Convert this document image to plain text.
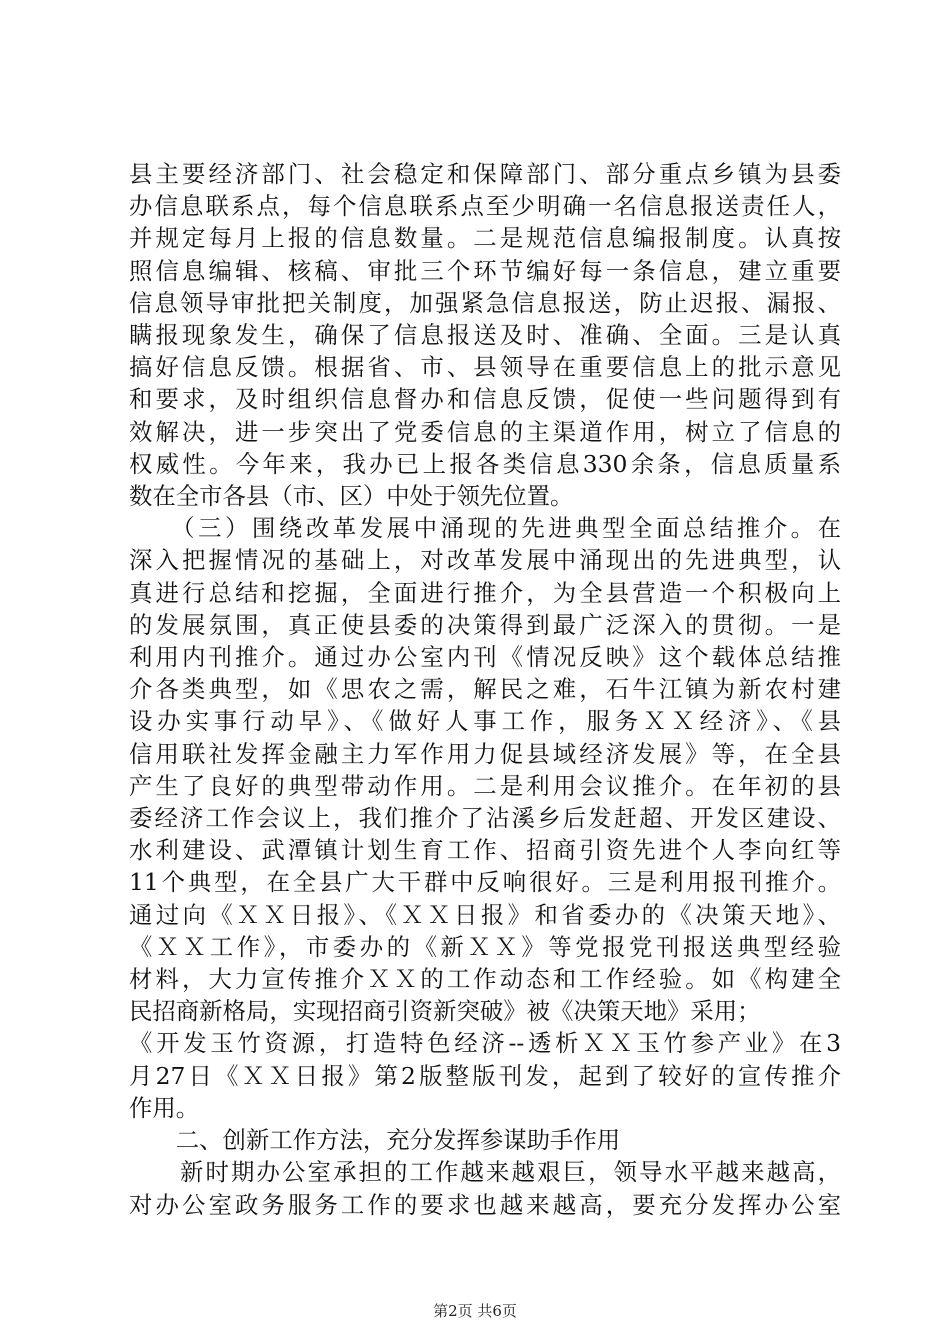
县主要经济部门、社会稳定和保障部门、部分重点乡镇为县委
办信息联系点，每个信息联系点至少明确一名信息报送责任人，
并规定每月上报的信息数量。二是规范信息编报制度。认真按
照信息编辑、核稿、审批三个环节编好每一条信息，建立重要
信息领导审批把关制度，加强紧急信息报送，防止迟报、漏报、
瞒报现象发生，确保了信息报送及时、准确、全面。三是认真
搞好信息反馈。根据省、市、县领导在重要信息上的批示意见
和要求，及时组织信息督办和信息反馈，促使一些问题得到有
效解决，进一步突出了党委信息的主渠道作用，树立了信息的
权威性。今年来，我办已上报各类信息330余条，信息质量系
数在全市各县（市、区）中处于领先位置。
　　（三）围绕改革发展中涌现的先进典型全面总结推介。在
深入把握情况的基础上，对改革发展中涌现出的先进典型，认
真进行总结和挖掘，全面进行推介，为全县营造一个积极向上
的发展氛围，真正使县委的决策得到最广泛深入的贯彻。一是
利用内刊推介。通过办公室内刊《情况反映》这个载体总结推
介各类典型，如《思农之需，解民之难，石牛江镇为新农村建
设办实事行动早》、《做好人事工作，服务ＸＸ经济》、《县
信用联社发挥金融主力军作用力促县域经济发展》等，在全县
产生了良好的典型带动作用。二是利用会议推介。在年初的县
委经济工作会议上，我们推介了沾溪乡后发赶超、开发区建设、
水利建设、武潭镇计划生育工作、招商引资先进个人李向红等
11个典型，在全县广大干群中反响很好。三是利用报刊推介。
通过向《ＸＸ日报》、《ＸＸ日报》和省委办的《决策天地》、
《ＸＸ工作》，市委办的《新ＸＸ》等党报党刊报送典型经验
材料，大力宣传推介ＸＸ的工作动态和工作经验。如《构建全
民招商新格局，实现招商引资新突破》被《决策天地》采用；
《开发玉竹资源，打造特色经济--透析ＸＸ玉竹参产业》在3
月27日《ＸＸ日报》第2版整版刊发，起到了较好的宣传推介
作用。
　　二、创新工作方法，充分发挥参谋助手作用
　　新时期办公室承担的工作越来越艰巨，领导水平越来越高，
对办公室政务服务工作的要求也越来越高，要充分发挥办公室
第2页 共6页
